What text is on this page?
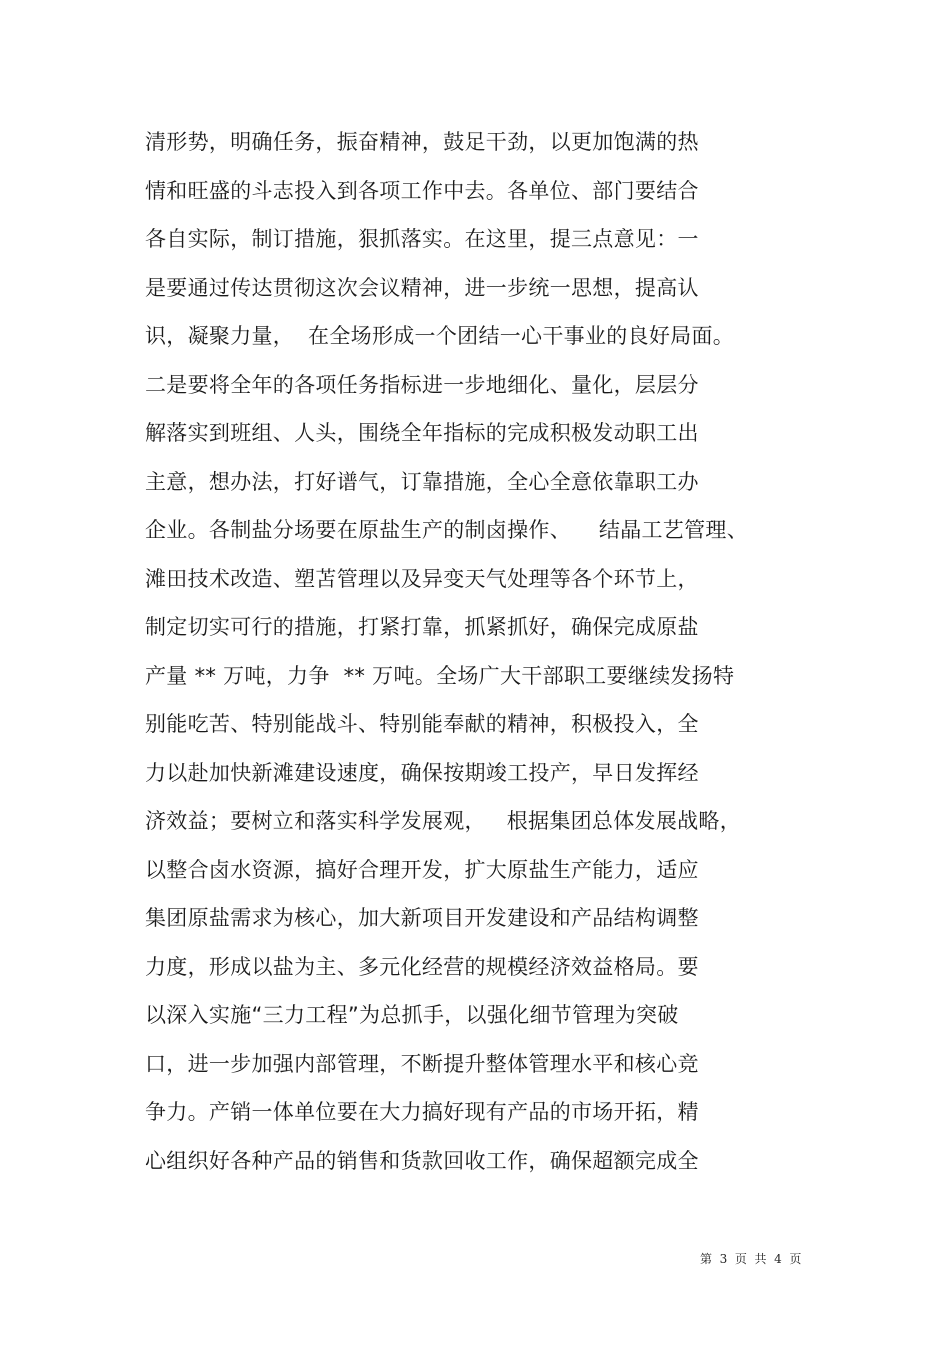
清形势，明确任务，振奋精神，鼓足干劲，以更加饱满的热
情和旺盛的斗志投入到各项工作中去。各单位、部门要结合
各自实际，制订措施，狠抓落实。在这里，提三点意见：一
是要通过传达贯彻这次会议精神，进一步统一思想，提高认
识，凝聚力量，  在全场形成一个团结一心干事业的良好局面。
二是要将全年的各项任务指标进一步地细化、量化，层层分
解落实到班组、人头，围绕全年指标的完成积极发动职工出
主意，想办法，打好谱气，订靠措施，全心全意依靠职工办
企业。各制盐分场要在原盐生产的制卤操作、    结晶工艺管理、
滩田技术改造、塑苫管理以及异变天气处理等各个环节上，
制定切实可行的措施，打紧打靠，抓紧抓好，确保完成原盐
产量 ** 万吨，力争  ** 万吨。全场广大干部职工要继续发扬特
别能吃苦、特别能战斗、特别能奉献的精神，积极投入，全
力以赴加快新滩建设速度，确保按期竣工投产，早日发挥经
济效益；要树立和落实科学发展观，   根据集团总体发展战略，
以整合卤水资源，搞好合理开发，扩大原盐生产能力，适应
集团原盐需求为核心，加大新项目开发建设和产品结构调整
力度，形成以盐为主、多元化经营的规模经济效益格局。要
以深入实施“三力工程”为总抓手，以强化细节管理为突破
口，进一步加强内部管理，不断提升整体管理水平和核心竞
争力。产销一体单位要在大力搞好现有产品的市场开拓，精
心组织好各种产品的销售和货款回收工作，确保超额完成全
第  3  页  共  4  页
